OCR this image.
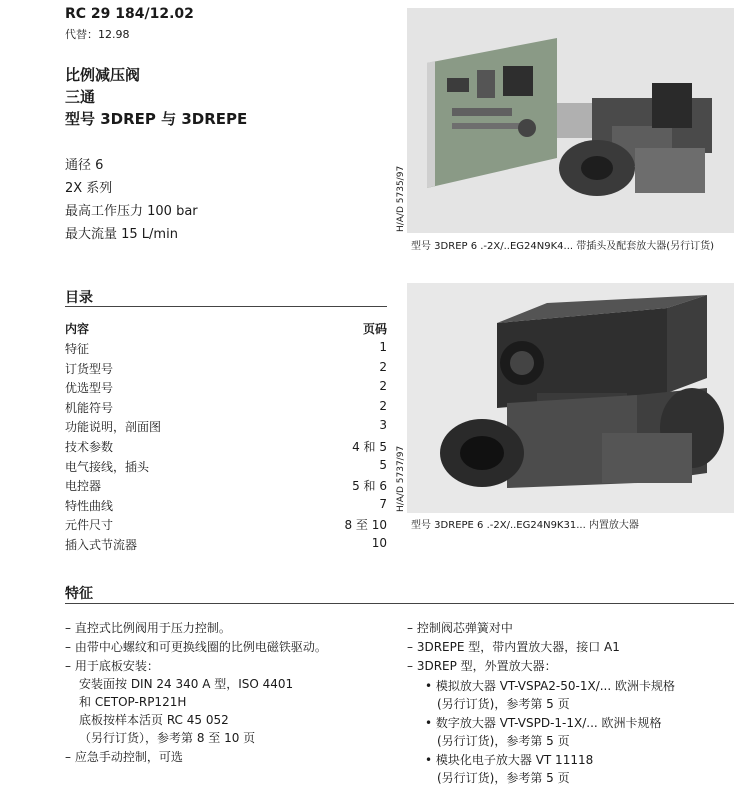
RC 29 184/12.02
代替：12.98
比例减压阀
三通
型号 3DREP 与 3DREPE
通径 6
2X 系列
最高工作压力 100 bar
最大流量 15 L/min
H/A/D 5735/97
型号 3DREP 6 .-2X/..EG24N9K4... 带插头及配套放大器(另行订货)
目录
内容	页码
特征	1
订货型号	2
优选型号	2
机能符号	2
功能说明，剖面图	3
技术参数	4 和 5
电气接线，插头	5
电控器	5 和 6
特性曲线	7
元件尺寸	8 至 10
插入式节流器	10
H/A/D 5737/97
型号 3DREPE 6 .-2X/..EG24N9K31... 内置放大器
特征
– 直控式比例阀用于压力控制。
– 由带中心螺纹和可更换线圈的比例电磁铁驱动。
– 用于底板安装：
安装面按 DIN 24 340 A 型，ISO 4401
和 CETOP-RP121H
底板按样本活页 RC 45 052
（另行订货），参考第 8 至 10 页
– 应急手动控制，可选
– 控制阀芯弹簧对中
– 3DREPE 型，带内置放大器，接口 A1
– 3DREP 型，外置放大器：
• 模拟放大器 VT-VSPA2-50-1X/... 欧洲卡规格
(另行订货)，参考第 5 页
• 数字放大器 VT-VSPD-1-1X/... 欧洲卡规格
(另行订货)，参考第 5 页
• 模块化电子放大器 VT 11118
(另行订货)，参考第 5 页
